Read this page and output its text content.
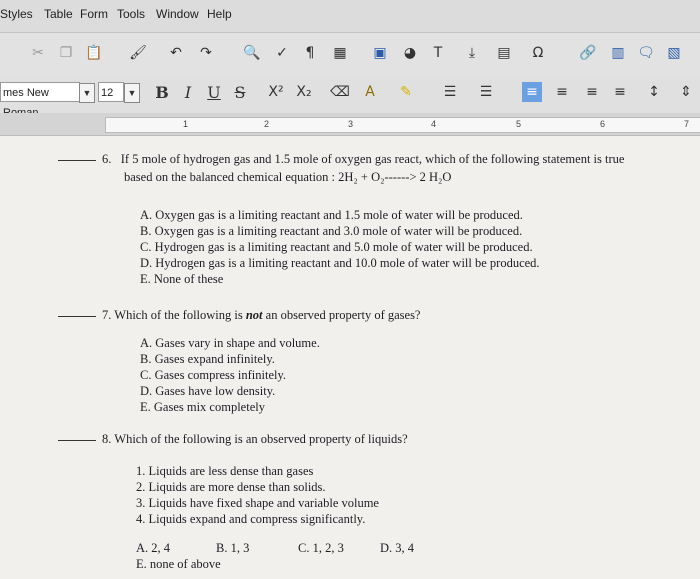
Styles Table Form Tools Window Help
✂ ❐ 📋 🖌 ↶ ↷ 🔍 ✓	¶	▦ ▣ ◕	T	⤓	▤	Ω	🔗 ▥ 🗨 ▧
mes New	▼ 12	▼ B	I	U S	X² X₂ ⌫	A	✎ ☰ ☰ ≡ ≡ ≡ ≡ ↕ ⇕
1	2	3	4	5	6	7
6. If 5 mole of hydrogen gas and 1.5 mole of oxygen gas react, which of the following statement is true
based on the balanced chemical equation : 2H₂ + O₂------> 2 H₂O
A. Oxygen gas is a limiting reactant and 1.5 mole of water will be produced.
B. Oxygen gas is a limiting reactant and 3.0 mole of water will be produced.
C. Hydrogen gas is a limiting reactant and 5.0 mole of water will be produced.
D. Hydrogen gas is a limiting reactant and 10.0 mole of water will be produced.
E. None of these
7. Which of the following is not an observed property of gases?
A. Gases vary in shape and volume.
B. Gases expand infinitely.
C. Gases compress infinitely.
D. Gases have low density.
E. Gases mix completely
8. Which of the following is an observed property of liquids?
1. Liquids are less dense than gases
2. Liquids are more dense than solids.
3. Liquids have fixed shape and variable volume
4. Liquids expand and compress significantly.
A. 2, 4	B. 1, 3	C. 1, 2, 3	D. 3, 4
E. none of above
